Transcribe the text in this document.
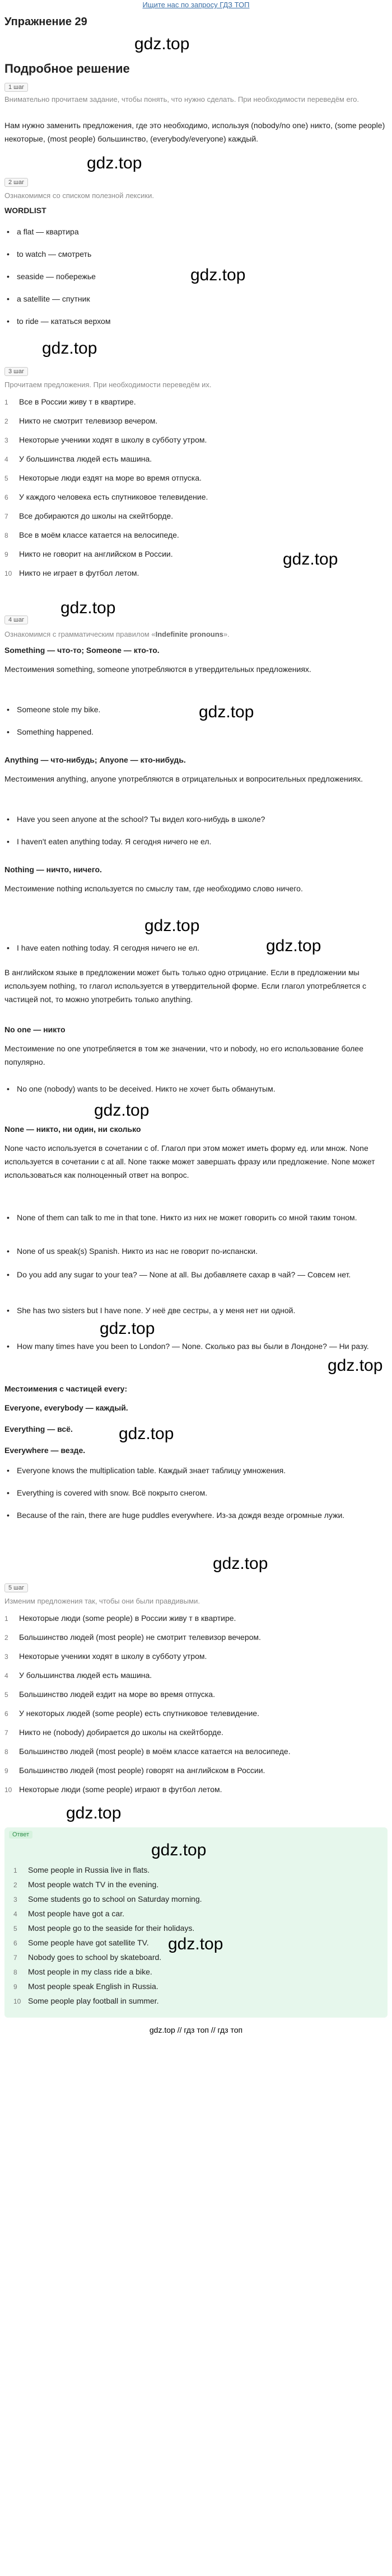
Ищите нас по запросу ГДЗ ТОП
Упражнение 29
gdz.top
Подробное решение
1 шаг
Внимательно прочитаем задание, чтобы понять, что нужно сделать. При необходимости переведём его.
Нам нужно заменить предложения, где это необходимо, используя (nobody/no one) никто, (some people) некоторые, (most people) большинство, (everybody/everyone) каждый.
gdz.top
2 шаг
Ознакомимся со списком полезной лексики.
WORDLIST
• a flat — квартира
• to watch — смотреть
gdz.top
• seaside — побережье
• a satellite — спутник
• to ride — кататься верхом
gdz.top
3 шаг
Прочитаем предложения. При необходимости переведём их.
1 Все в России живу т в квартире.
2 Никто не смотрит телевизор вечером.
3 Некоторые ученики ходят в школу в субботу утром.
4 У большинства людей есть машина.
5 Некоторые люди ездят на море во время отпуска.
6 У каждого человека есть спутниковое телевидение.
7 Все добираются до школы на скейтборде.
8 Все в моём классе катается на велосипеде.
9 Никто не говорит на английском в России.	gdz.top
10 Никто не играет в футбол летом.
gdz.top
4 шаг
Ознакомимся с грамматическим правилом «Indefinite pronouns».
Something — что-то; Someone — кто-то.
Местоимения something, someone употребляются в утвердительных предложениях.
• Someone stole my bike.	gdz.top
• Something happened.
Anything — что-нибудь; Anyone — кто-нибудь.
Местоимения anything, anyone употребляются в отрицательных и вопросительных предложениях.
• Have you seen anyone at the school? Ты видел кого-нибудь в школе?
• I haven't eaten anything today. Я сегодня ничего не ел.
Nothing — ничто, ничего.
Местоимение nothing используется по смыслу там, где необходимо слово ничего.
gdz.top
• I have eaten nothing today. Я сегодня ничего не ел.	gdz.top
В английском языке в предложении может быть только одно отрицание. Если в предложении мы используем nothing, то глагол используется в утвердительной форме. Если глагол употребляется с частицей not, то можно употребить только anything.
No one — никто
Местоимение no one употребляется в том же значении, что и nobody, но его использование более популярно.
• No one (nobody) wants to be deceived. Никто не хочет быть обманутым.
gdz.top
None — никто, ни один, ни сколько
None часто используется в сочетании с of. Глагол при этом может иметь форму ед. или множ. None используется в сочетании с at all. None также может завершать фразу или предложение. None может использоваться как полноценный ответ на вопрос.
• None of them can talk to me in that tone. Никто из них не может говорить со мной таким тоном.
• None of us speak(s) Spanish. Никто из нас не говорит по-испански.
• Do you add any sugar to your tea? — None at all. Вы добавляете сахар в чай? — Совсем нет.
• She has two sisters but I have none. У неё две сестры, а у меня нет ни одной.
gdz.top
• How many times have you been to London? — None. Сколько раз вы были в Лондоне? — Ни разу.
gdz.top
Местоимения с частицей every:
Everyone, everybody — каждый.
Everything — всё.	gdz.top
Everywhere — везде.
• Everyone knows the multiplication table. Каждый знает таблицу умножения.
• Everything is covered with snow. Всё покрыто снегом.
• Because of the rain, there are huge puddles everywhere. Из-за дождя везде огромные лужи.
gdz.top
5 шаг
Изменим предложения так, чтобы они были правдивыми.
1 Некоторые люди (some people) в России живу т в квартире.
2 Большинство людей (most people) не смотрит телевизор вечером.
3 Некоторые ученики ходят в школу в субботу утром.
4 У большинства людей есть машина.
5 Большинство людей ездит на море во время отпуска.
6 У некоторых людей (some people) есть спутниковое телевидение.
7 Никто не (nobody) добирается до школы на скейтборде.
8 Большинство людей (most people) в моём классе катается на велосипеде.
9 Большинство людей (most people) говорят на английском в России.
10 Некоторые люди (some people) играют в футбол летом.
gdz.top
Ответ
gdz.top
1 Some people in Russia live in flats.
2 Most people watch TV in the evening.
3 Some students go to school on Saturday morning.
4 Most people have got a car.
5 Most people go to the seaside for their holidays.
6 Some people have got satellite TV.	gdz.top
7 Nobody goes to school by skateboard.
8 Most people in my class ride a bike.
9 Most people speak English in Russia.
10 Some people play football in summer.
gdz.top // гдз топ // гдз топ
